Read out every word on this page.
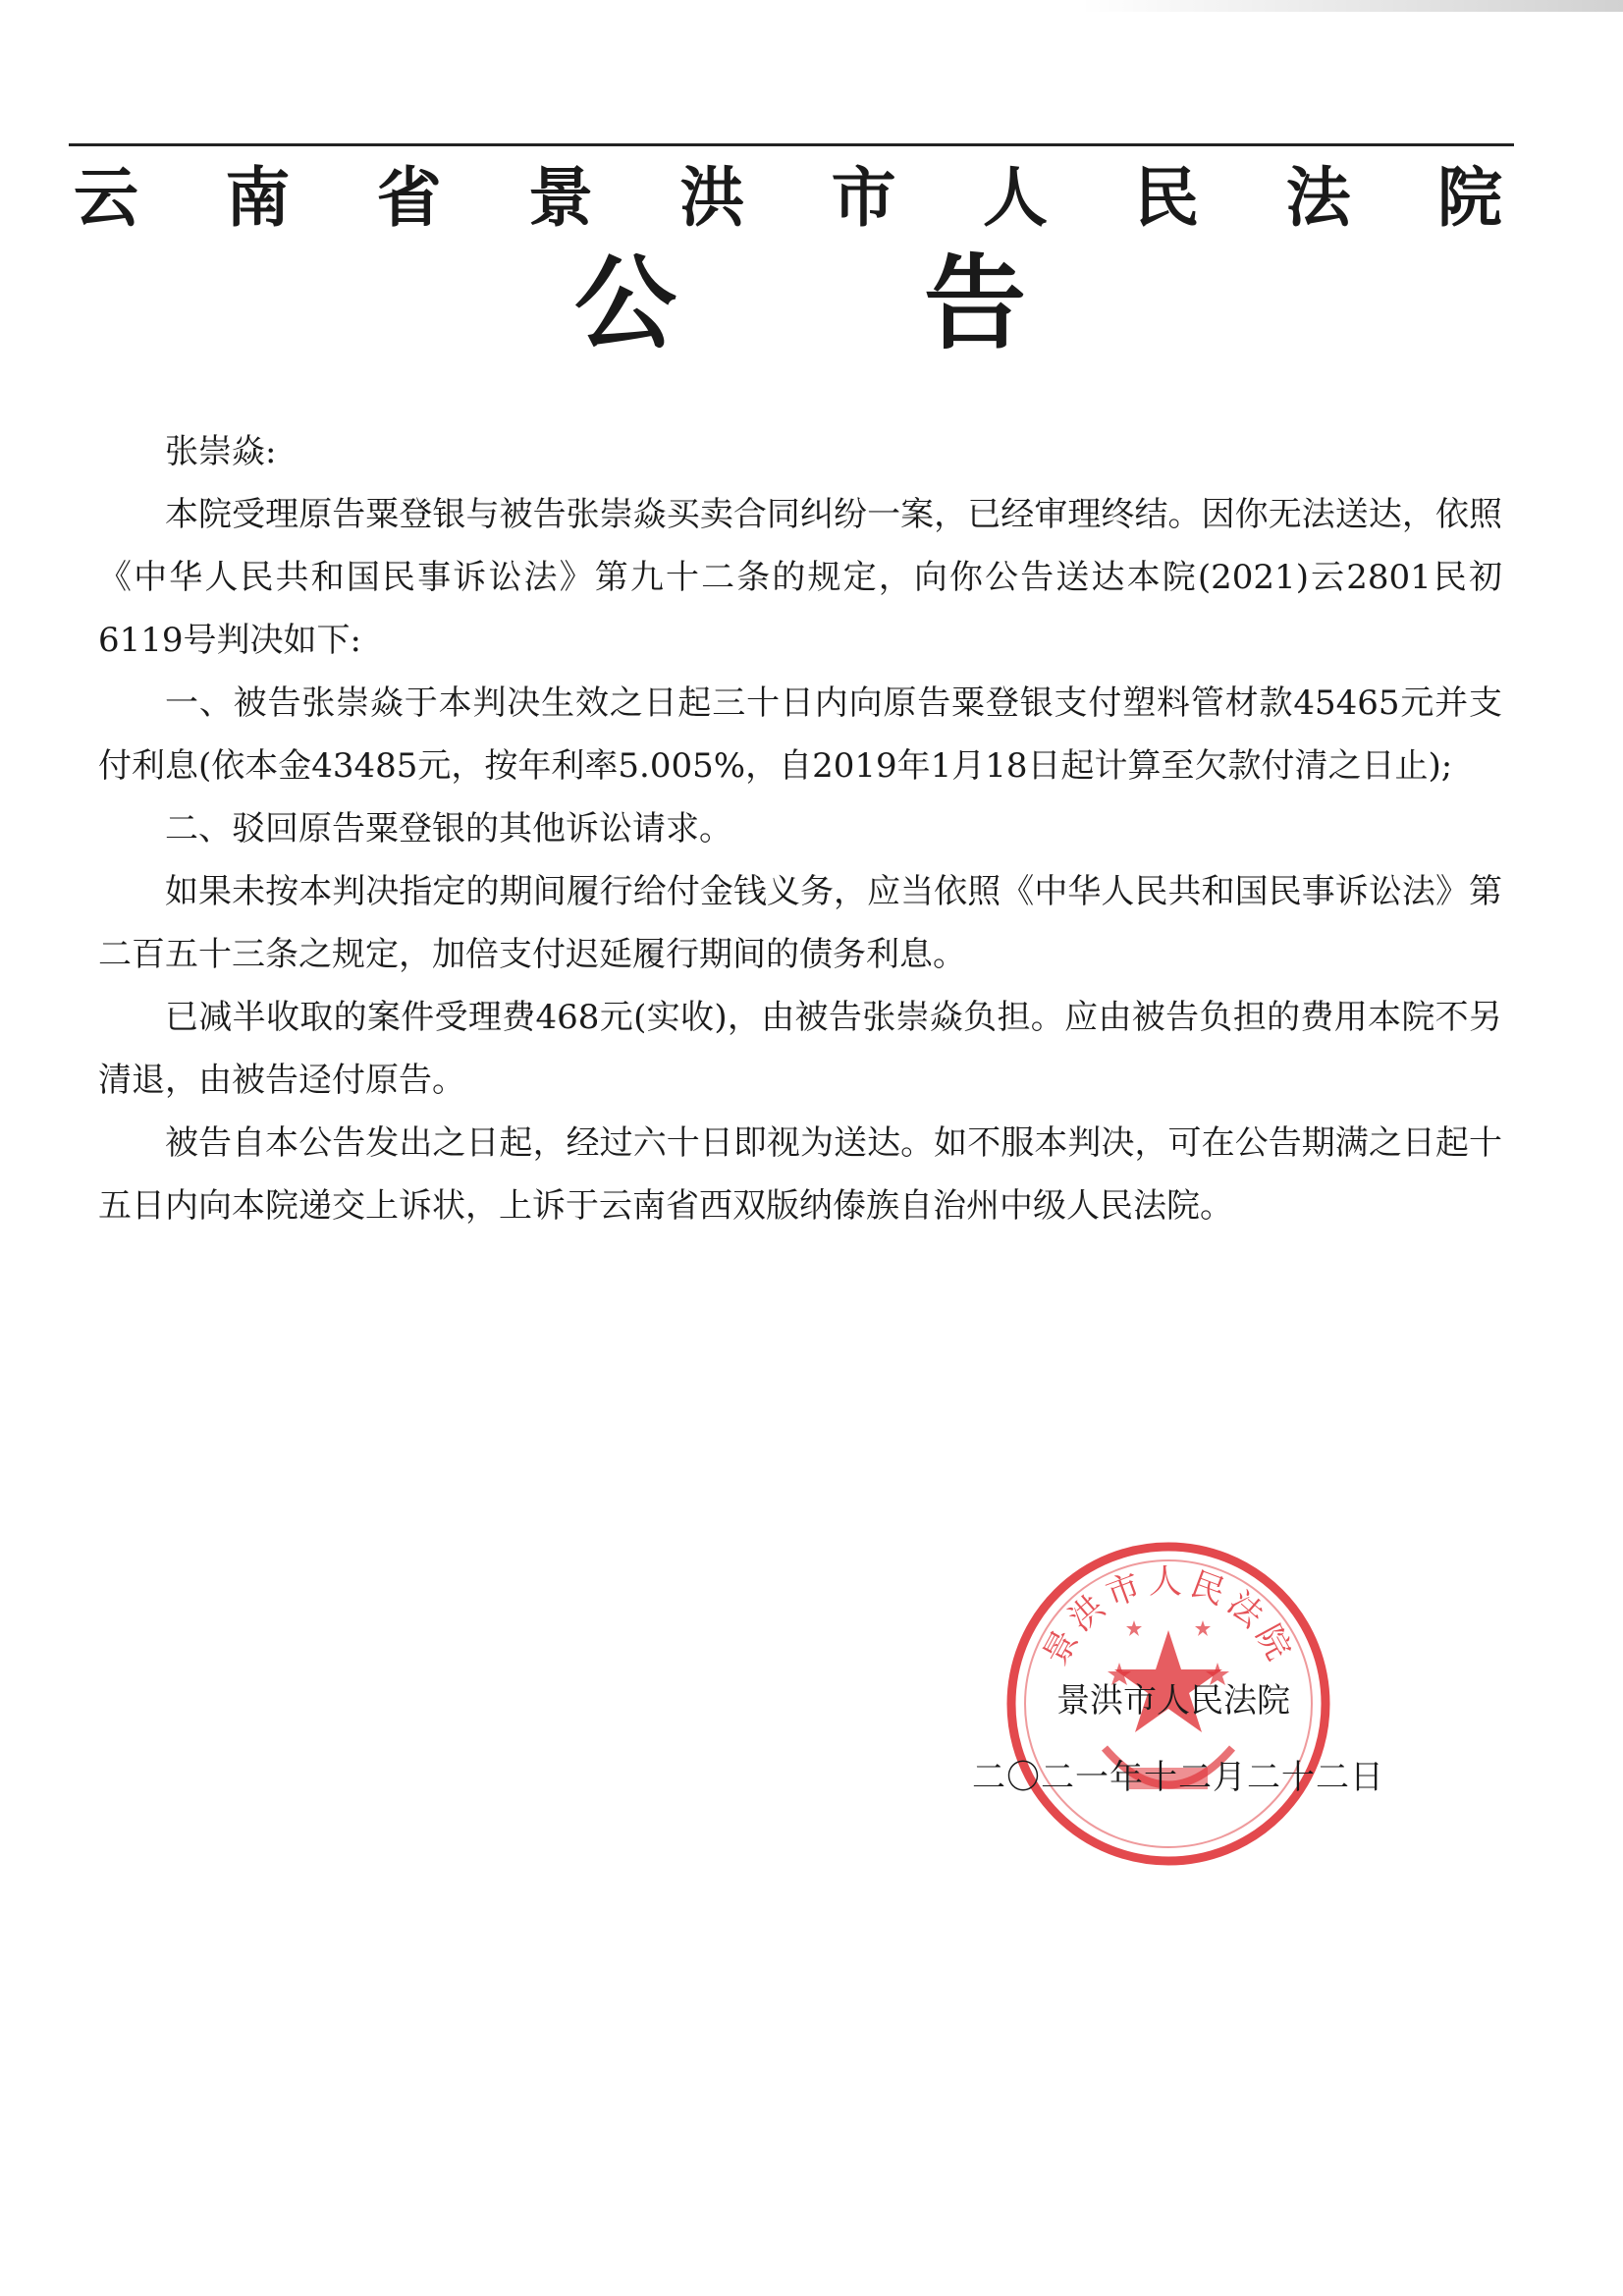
云 南 省 景 洪 市 人 民 法 院
公 告

张崇焱:

本院受理原告粟登银与被告张崇焱买卖合同纠纷一案，已经审理终结。因你无法送达，依照《中华人民共和国民事诉讼法》第九十二条的规定，向你公告送达本院(2021)云2801民初6119号判决如下:

一、被告张崇焱于本判决生效之日起三十日内向原告粟登银支付塑料管材款45465元并支付利息(依本金43485元，按年利率5.005%，自2019年1月18日起计算至欠款付清之日止);

二、驳回原告粟登银的其他诉讼请求。

如果未按本判决指定的期间履行给付金钱义务，应当依照《中华人民共和国民事诉讼法》第二百五十三条之规定，加倍支付迟延履行期间的债务利息。

已减半收取的案件受理费468元(实收)，由被告张崇焱负担。应由被告负担的费用本院不另清退，由被告迳付原告。

被告自本公告发出之日起，经过六十日即视为送达。如不服本判决，可在公告期满之日起十五日内向本院递交上诉状，上诉于云南省西双版纳傣族自治州中级人民法院。

景洪市人民法院
景洪市人民法院
二〇二一年十二月二十二日
